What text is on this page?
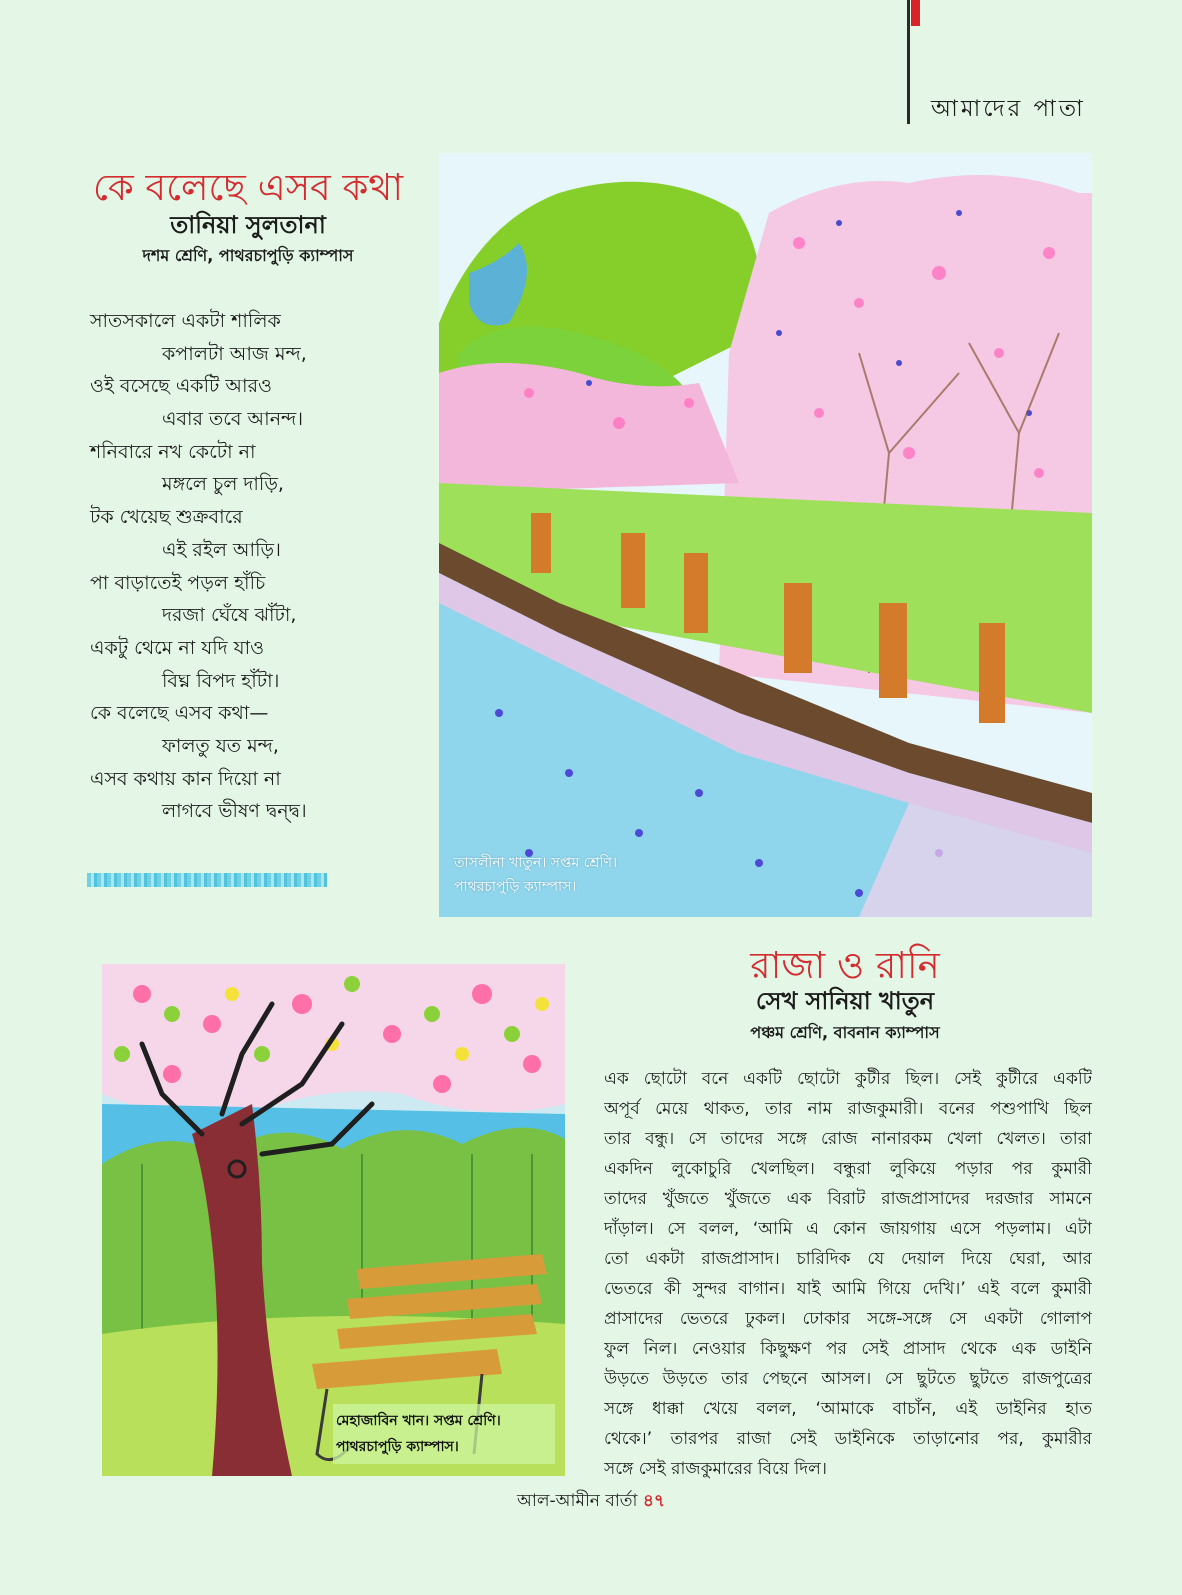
আমাদের পাতা
কে বলেছে এসব কথা
তানিয়া সুলতানা
দশম শ্রেণি, পাথরচাপুড়ি ক্যাম্পাস
সাতসকালে একটা শালিক
কপালটা আজ মন্দ,
ওই বসেছে একটি আরও
এবার তবে আনন্দ।
শনিবারে নখ কেটো না
মঙ্গলে চুল দাড়ি,
টক খেয়েছ শুক্রবারে
এই রইল আড়ি।
পা বাড়াতেই পড়ল হাঁচি
দরজা ঘেঁষে ঝাঁটা,
একটু থেমে না যদি যাও
বিঘ্ন বিপদ হাঁটা।
কে বলেছে এসব কথা—
ফালতু যত মন্দ,
এসব কথায় কান দিয়ো না
লাগবে ভীষণ দ্বন্দ্ব।
তাসলীনা খাতুন। সপ্তম শ্রেণি।
পাথরচাপুড়ি ক্যাম্পাস।
রাজা ও রানি
সেখ সানিয়া খাতুন
পঞ্চম শ্রেণি, বাবনান ক্যাম্পাস
এক ছোটো বনে একটি ছোটো কুটীর ছিল। সেই কুটীরে একটি
অপূর্ব মেয়ে থাকত, তার নাম রাজকুমারী। বনের পশুপাখি ছিল
তার বন্ধু। সে তাদের সঙ্গে রোজ নানারকম খেলা খেলত। তারা
একদিন লুকোচুরি খেলছিল। বন্ধুরা লুকিয়ে পড়ার পর কুমারী
তাদের খুঁজতে খুঁজতে এক বিরাট রাজপ্রাসাদের দরজার সামনে
দাঁড়াল। সে বলল, ‘আমি এ কোন জায়গায় এসে পড়লাম। এটা
তো একটা রাজপ্রাসাদ। চারিদিক যে দেয়াল দিয়ে ঘেরা, আর
ভেতরে কী সুন্দর বাগান। যাই আমি গিয়ে দেখি।’ এই বলে কুমারী
প্রাসাদের ভেতরে ঢুকল। ঢোকার সঙ্গে-সঙ্গে সে একটা গোলাপ
ফুল নিল। নেওয়ার কিছুক্ষণ পর সেই প্রাসাদ থেকে এক ডাইনি
উড়তে উড়তে তার পেছনে আসল। সে ছুটতে ছুটতে রাজপুত্রের
সঙ্গে ধাক্কা খেয়ে বলল, ‘আমাকে বাচাঁন, এই ডাইনির হাত
থেকে।’ তারপর রাজা সেই ডাইনিকে তাড়ানোর পর, কুমারীর
সঙ্গে সেই রাজকুমারের বিয়ে দিল।
মেহাজাবিন খান। সপ্তম শ্রেণি।
পাথরচাপুড়ি ক্যাম্পাস।
আল-আমীন বার্তা ৪৭
